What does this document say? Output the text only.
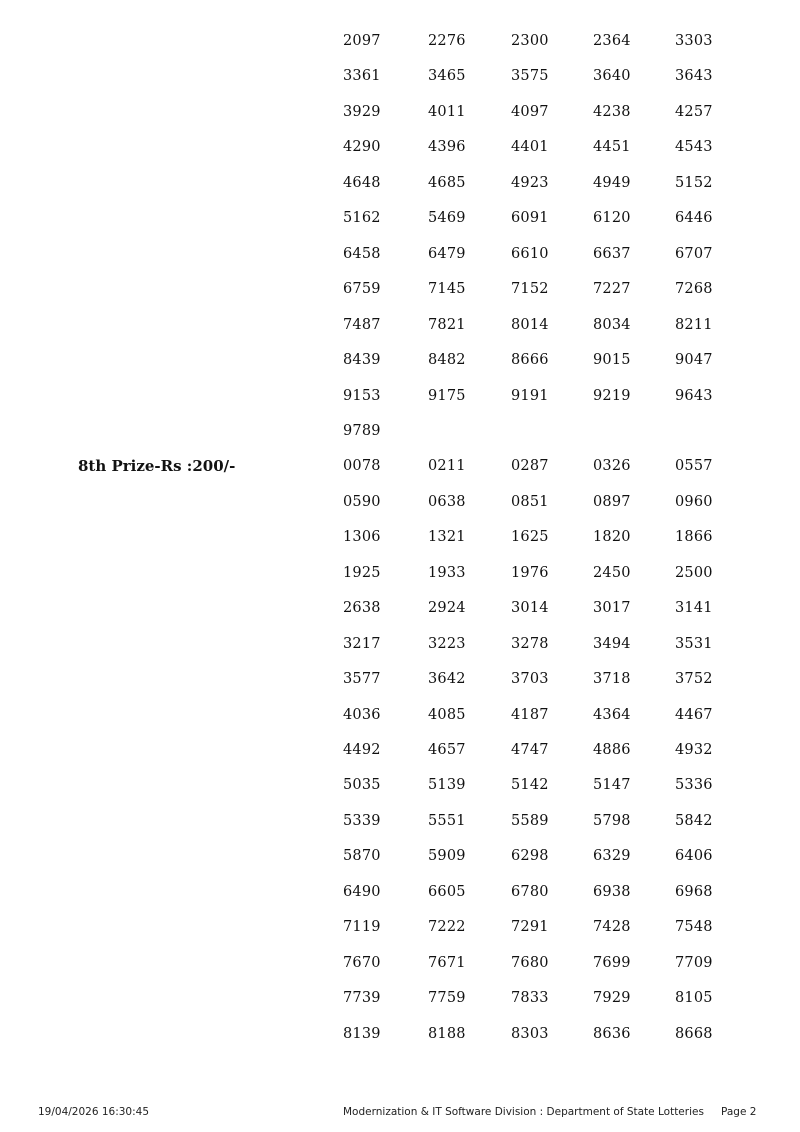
2097	2276	2300	2364	3303
3361	3465	3575	3640	3643
3929	4011	4097	4238	4257
4290	4396	4401	4451	4543
4648	4685	4923	4949	5152
5162	5469	6091	6120	6446
6458	6479	6610	6637	6707
6759	7145	7152	7227	7268
7487	7821	8014	8034	8211
8439	8482	8666	9015	9047
9153	9175	9191	9219	9643
9789
8th Prize-Rs :200/-	0078	0211	0287	0326	0557
0590	0638	0851	0897	0960
1306	1321	1625	1820	1866
1925	1933	1976	2450	2500
2638	2924	3014	3017	3141
3217	3223	3278	3494	3531
3577	3642	3703	3718	3752
4036	4085	4187	4364	4467
4492	4657	4747	4886	4932
5035	5139	5142	5147	5336
5339	5551	5589	5798	5842
5870	5909	6298	6329	6406
6490	6605	6780	6938	6968
7119	7222	7291	7428	7548
7670	7671	7680	7699	7709
7739	7759	7833	7929	8105
8139	8188	8303	8636	8668
19/04/2026 16:30:45	Modernization & IT Software Division : Department of State Lotteries Page 2
